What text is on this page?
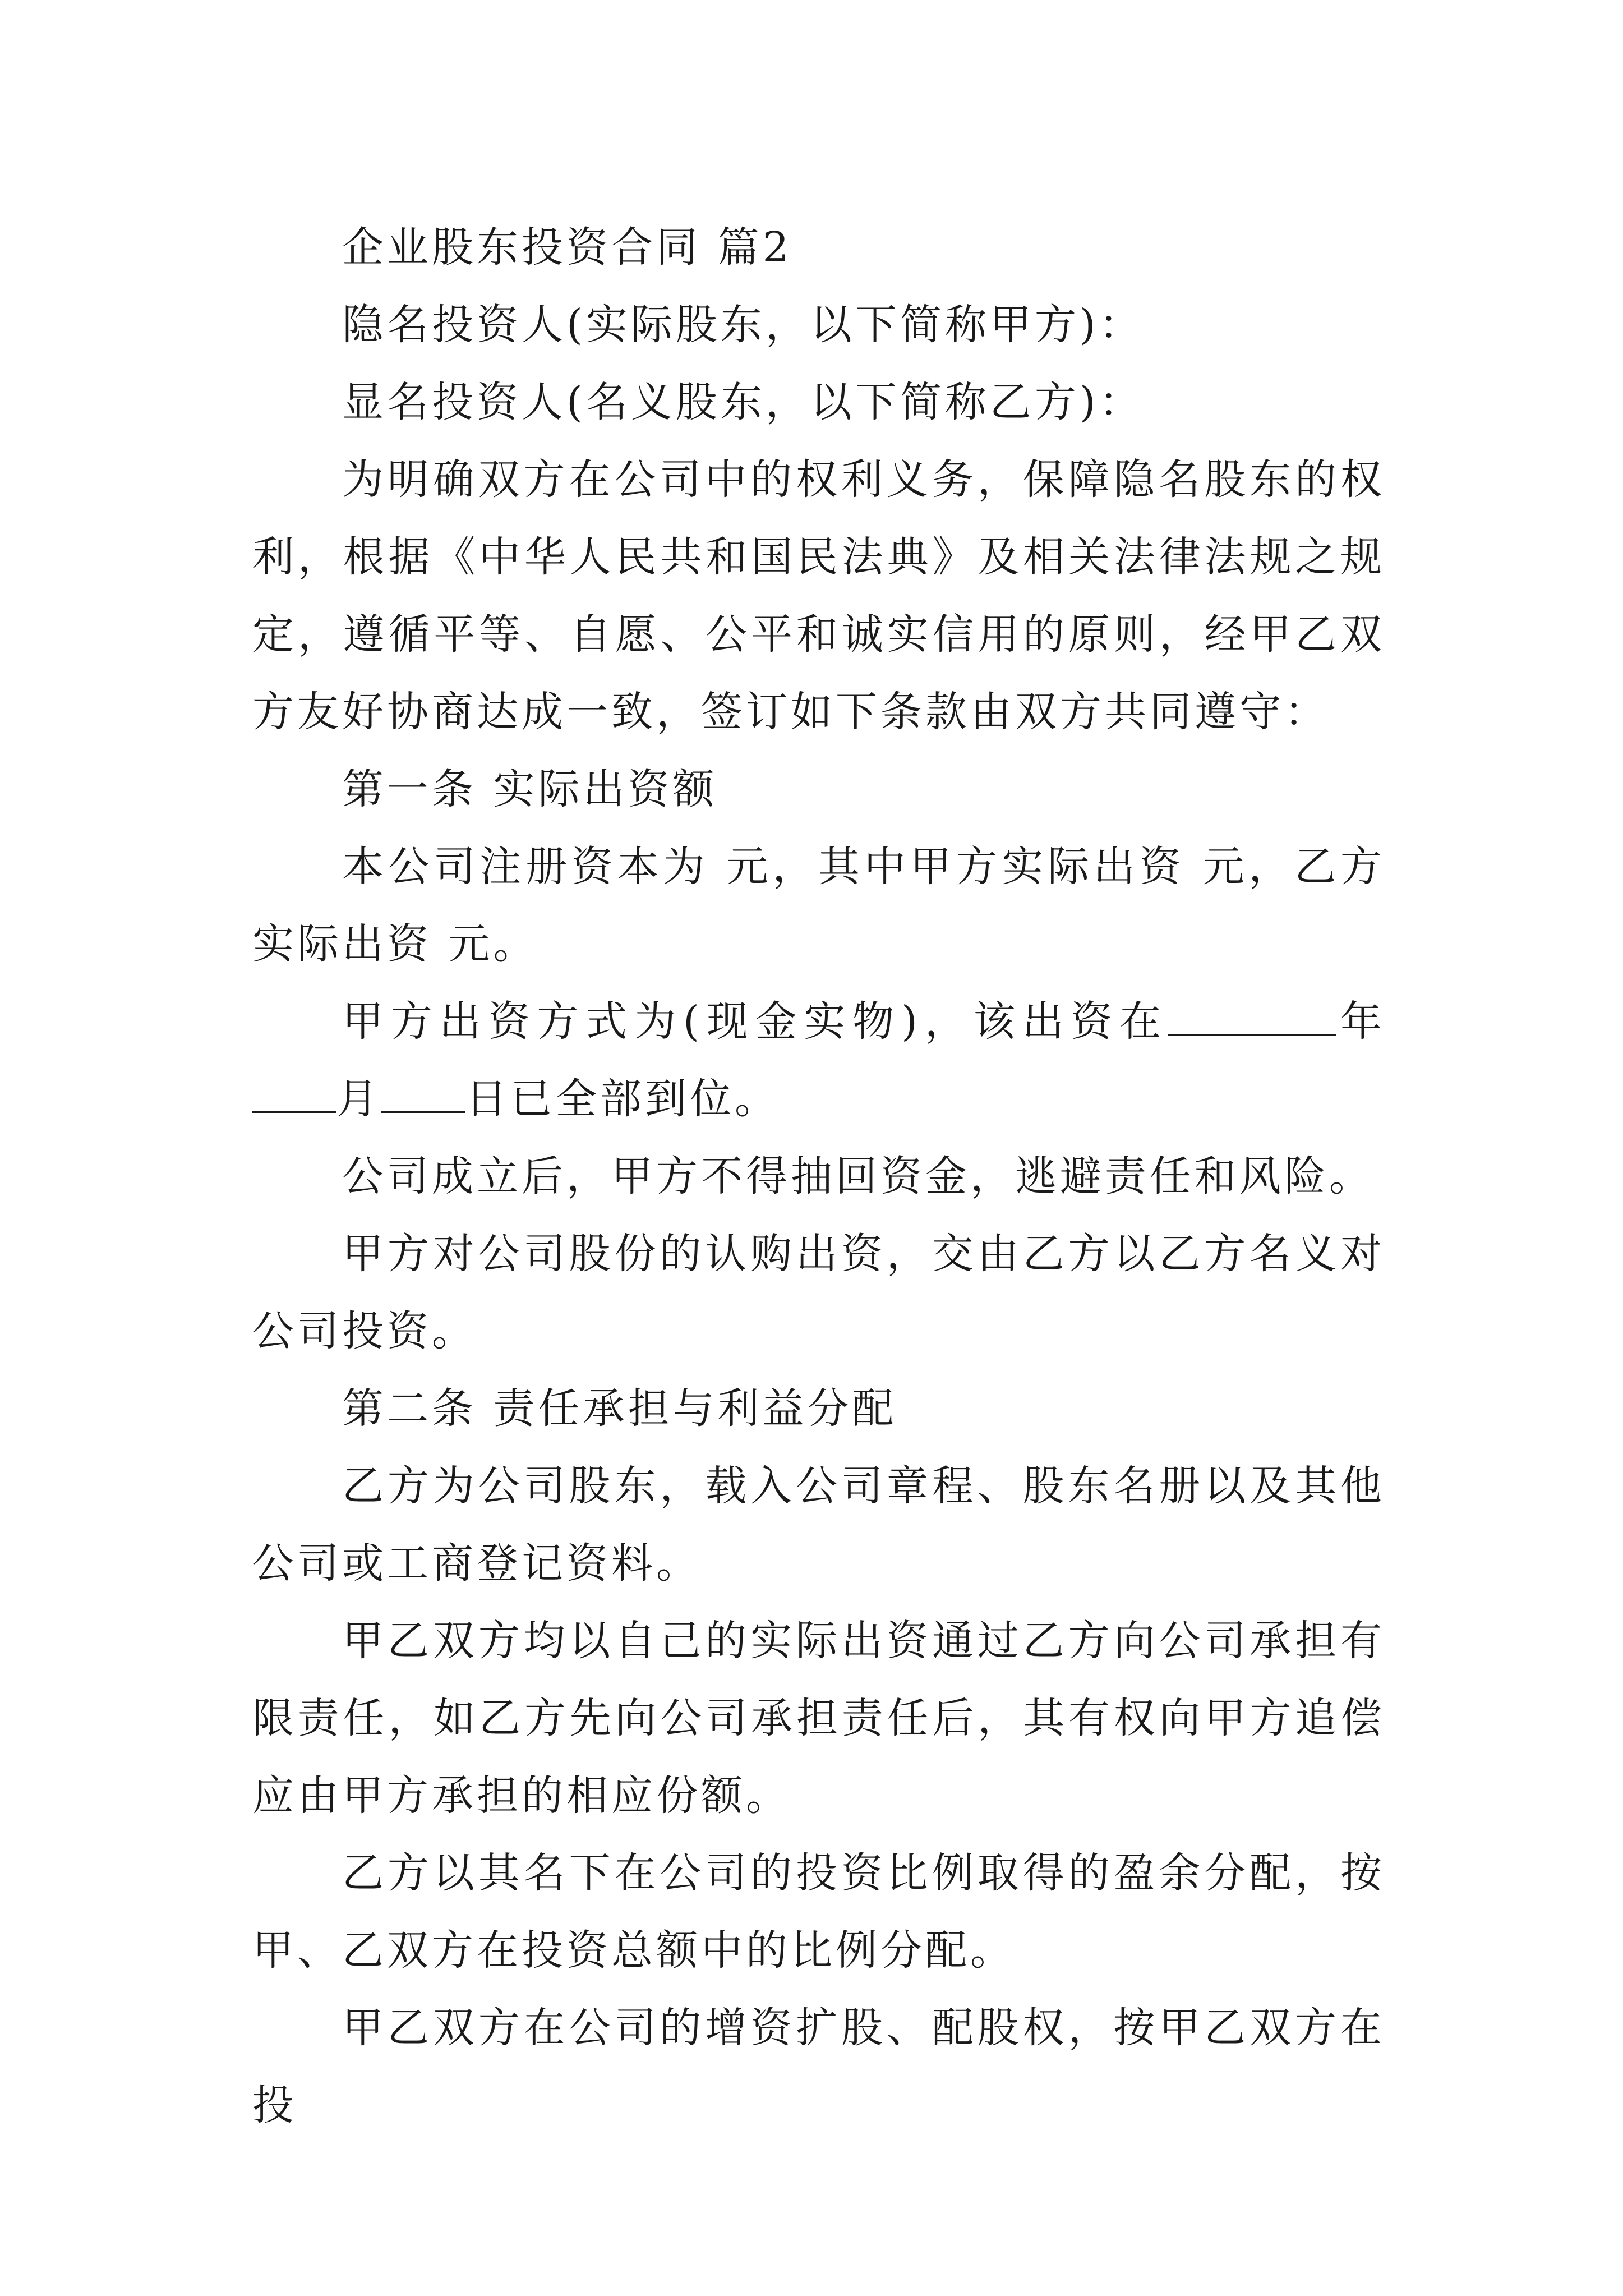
企业股东投资合同 篇2

隐名投资人(实际股东，以下简称甲方)：

显名投资人(名义股东，以下简称乙方)：

为明确双方在公司中的权利义务，保障隐名股东的权利，根据《中华人民共和国民法典》及相关法律法规之规定，遵循平等、自愿、公平和诚实信用的原则，经甲乙双方友好协商达成一致，签订如下条款由双方共同遵守：

第一条 实际出资额

本公司注册资本为 元，其中甲方实际出资 元，乙方实际出资 元。

甲方出资方式为(现金实物)，该出资在	年月 日已全部到位。

公司成立后，甲方不得抽回资金，逃避责任和风险。

甲方对公司股份的认购出资，交由乙方以乙方名义对公司投资。

第二条 责任承担与利益分配

乙方为公司股东，载入公司章程、股东名册以及其他公司或工商登记资料。

甲乙双方均以自己的实际出资通过乙方向公司承担有限责任，如乙方先向公司承担责任后，其有权向甲方追偿应由甲方承担的相应份额。

乙方以其名下在公司的投资比例取得的盈余分配，按甲、乙双方在投资总额中的比例分配。

甲乙双方在公司的增资扩股、配股权，按甲乙双方在投
